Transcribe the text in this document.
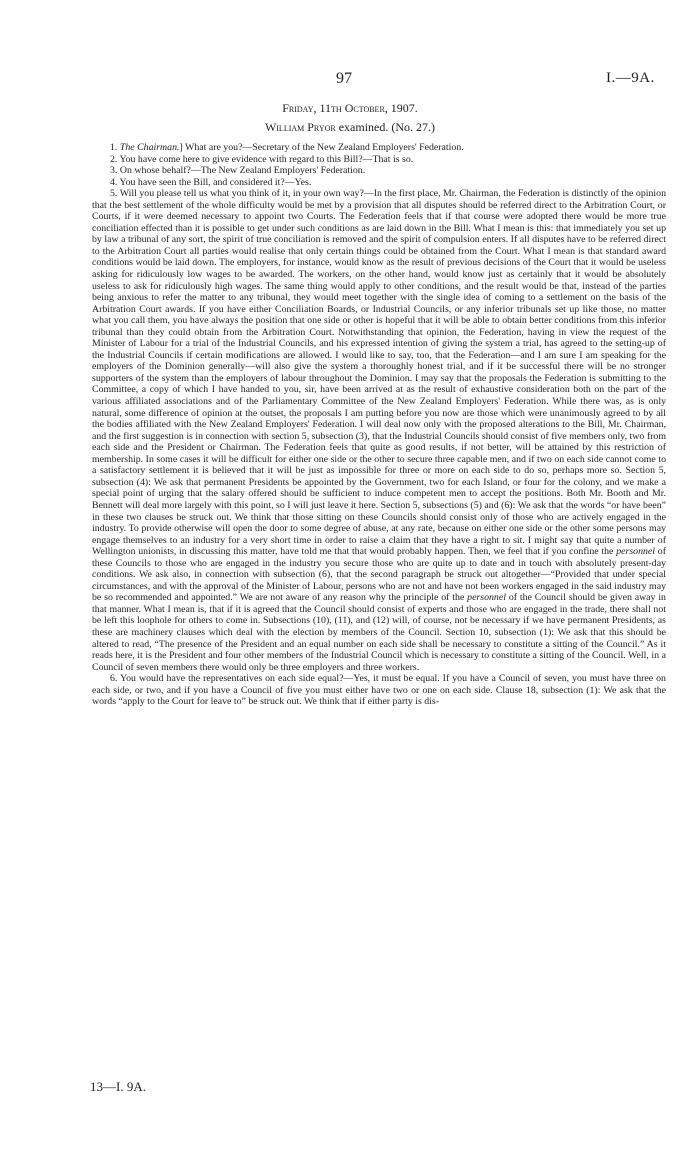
97	I.—9A.
Friday, 11th October, 1907.
William Pryor examined. (No. 27.)

1. The Chairman.] What are you?—Secretary of the New Zealand Employers' Federation.

2. You have come here to give evidence with regard to this Bill?—That is so.

3. On whose behalf?—The New Zealand Employers' Federation.

4. You have seen the Bill, and considered it?—Yes.

5. Will you please tell us what you think of it, in your own way?—In the first place, Mr. Chairman, the Federation is distinctly of the opinion that the best settlement of the whole difficulty would be met by a provision that all disputes should be referred direct to the Arbitration Court, or Courts, if it were deemed necessary to appoint two Courts. The Federation feels that if that course were adopted there would be more true conciliation effected than it is possible to get under such conditions as are laid down in the Bill. What I mean is this: that immediately you set up by law a tribunal of any sort, the spirit of true conciliation is removed and the spirit of compulsion enters. If all disputes have to be referred direct to the Arbitration Court all parties would realise that only certain things could be obtained from the Court. What I mean is that standard award conditions would be laid down. The employers, for instance, would know as the result of previous decisions of the Court that it would be useless asking for ridiculously low wages to be awarded. The workers, on the other hand, would know just as certainly that it would be absolutely useless to ask for ridiculously high wages. The same thing would apply to other conditions, and the result would be that, instead of the parties being anxious to refer the matter to any tribunal, they would meet together with the single idea of coming to a settlement on the basis of the Arbitration Court awards. If you have either Conciliation Boards, or Industrial Councils, or any inferior tribunals set up like those, no matter what you call them, you have always the position that one side or other is hopeful that it will be able to obtain better conditions from this inferior tribunal than they could obtain from the Arbitration Court. Notwithstanding that opinion, the Federation, having in view the request of the Minister of Labour for a trial of the Industrial Councils, and his expressed intention of giving the system a trial, has agreed to the setting-up of the Industrial Councils if certain modifications are allowed. I would like to say, too, that the Federation—and I am sure I am speaking for the employers of the Dominion generally—will also give the system a thoroughly honest trial, and if it be successful there will be no stronger supporters of the system than the employers of labour throughout the Dominion. I may say that the proposals the Federation is submitting to the Committee, a copy of which I have handed to you, sir, have been arrived at as the result of exhaustive consideration both on the part of the various affiliated associations and of the Parliamentary Committee of the New Zealand Employers' Federation. While there was, as is only natural, some difference of opinion at the outset, the proposals I am putting before you now are those which were unanimously agreed to by all the bodies affiliated with the New Zealand Employers' Federation. I will deal now only with the proposed alterations to the Bill, Mr. Chairman, and the first suggestion is in connection with section 5, subsection (3), that the Industrial Councils should consist of five members only, two from each side and the President or Chairman. The Federation feels that quite as good results, if not better, will be attained by this restriction of membership. In some cases it will be difficult for either one side or the other to secure three capable men, and if two on each side cannot come to a satisfactory settlement it is believed that it will be just as impossible for three or more on each side to do so, perhaps more so. Section 5, subsection (4): We ask that permanent Presidents be appointed by the Government, two for each Island, or four for the colony, and we make a special point of urging that the salary offered should be sufficient to induce competent men to accept the positions. Both Mr. Booth and Mr. Bennett will deal more largely with this point, so I will just leave it here. Section 5, subsections (5) and (6): We ask that the words “or have been” in these two clauses be struck out. We think that those sitting on these Councils should consist only of those who are actively engaged in the industry. To provide otherwise will open the door to some degree of abuse, at any rate, because on either one side or the other some persons may engage themselves to an industry for a very short time in order to raise a claim that they have a right to sit. I might say that quite a number of Wellington unionists, in discussing this matter, have told me that that would probably happen. Then, we feel that if you confine the personnel of these Councils to those who are engaged in the industry you secure those who are quite up to date and in touch with absolutely present-day conditions. We ask also, in connection with subsection (6), that the second paragraph be struck out altogether—“Provided that under special circumstances, and with the approval of the Minister of Labour, persons who are not and have not been workers engaged in the said industry may be so recommended and appointed.” We are not aware of any reason why the principle of the personnel of the Council should be given away in that manner. What I mean is, that if it is agreed that the Council should consist of experts and those who are engaged in the trade, there shall not be left this loophole for others to come in. Subsections (10), (11), and (12) will, of course, not be necessary if we have permanent Presidents, as these are machinery clauses which deal with the election by members of the Council. Section 10, subsection (1): We ask that this should be altered to read, “The presence of the President and an equal number on each side shall be necessary to constitute a sitting of the Council.” As it reads here, it is the President and four other members of the Industrial Council which is necessary to constitute a sitting of the Council. Well, in a Council of seven members there would only be three employers and three workers.

6. You would have the representatives on each side equal?—Yes, it must be equal. If you have a Council of seven, you must have three on each side, or two, and if you have a Council of five you must either have two or one on each side. Clause 18, subsection (1): We ask that the words “apply to the Court for leave to” be struck out. We think that if either party is dis-

13—I. 9A.
